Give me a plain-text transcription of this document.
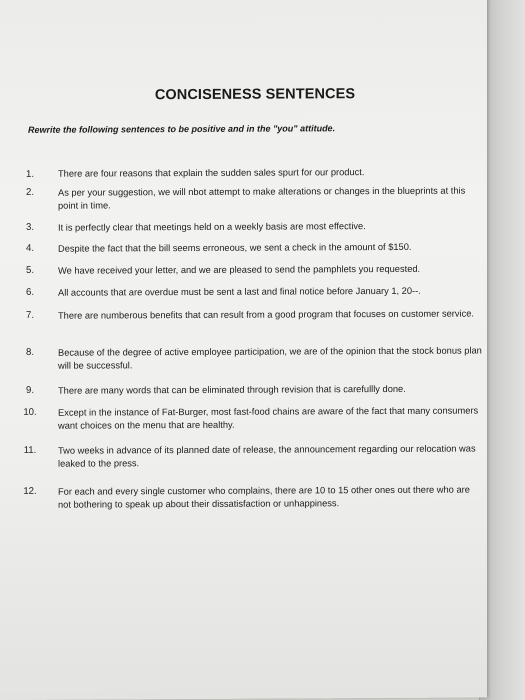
CONCISENESS SENTENCES
Rewrite the following sentences to be positive and in the "you" attitude.
1.	There are four reasons that explain the sudden sales spurt for our product.
2.	As per your suggestion, we will nbot attempt to make alterations or changes in the blueprints at this point in time.
3.	It is perfectly clear that meetings held on a weekly basis are most effective.
4.	Despite the fact that the bill seems erroneous, we sent a check in the amount of $150.
5.	We have received your letter, and we are pleased to send the pamphlets you requested.
6.	All accounts that are overdue must be sent a last and final notice before January 1, 20--.
7.	There are numberous benefits that can result from a good program that focuses on customer service.
8.	Because of the degree of active employee participation, we are of the opinion that the stock bonus plan will be successful.
9.	There are many words that can be eliminated through revision that is carefullly done.
10.	Except in the instance of Fat-Burger, most fast-food chains are aware of the fact that many consumers want choices on the menu that are healthy.
11.	Two weeks in advance of its planned date of release, the announcement regarding our relocation was leaked to the press.
12.	For each and every single customer who complains, there are 10 to 15 other ones out there who are not bothering to speak up about their dissatisfaction or unhappiness.
